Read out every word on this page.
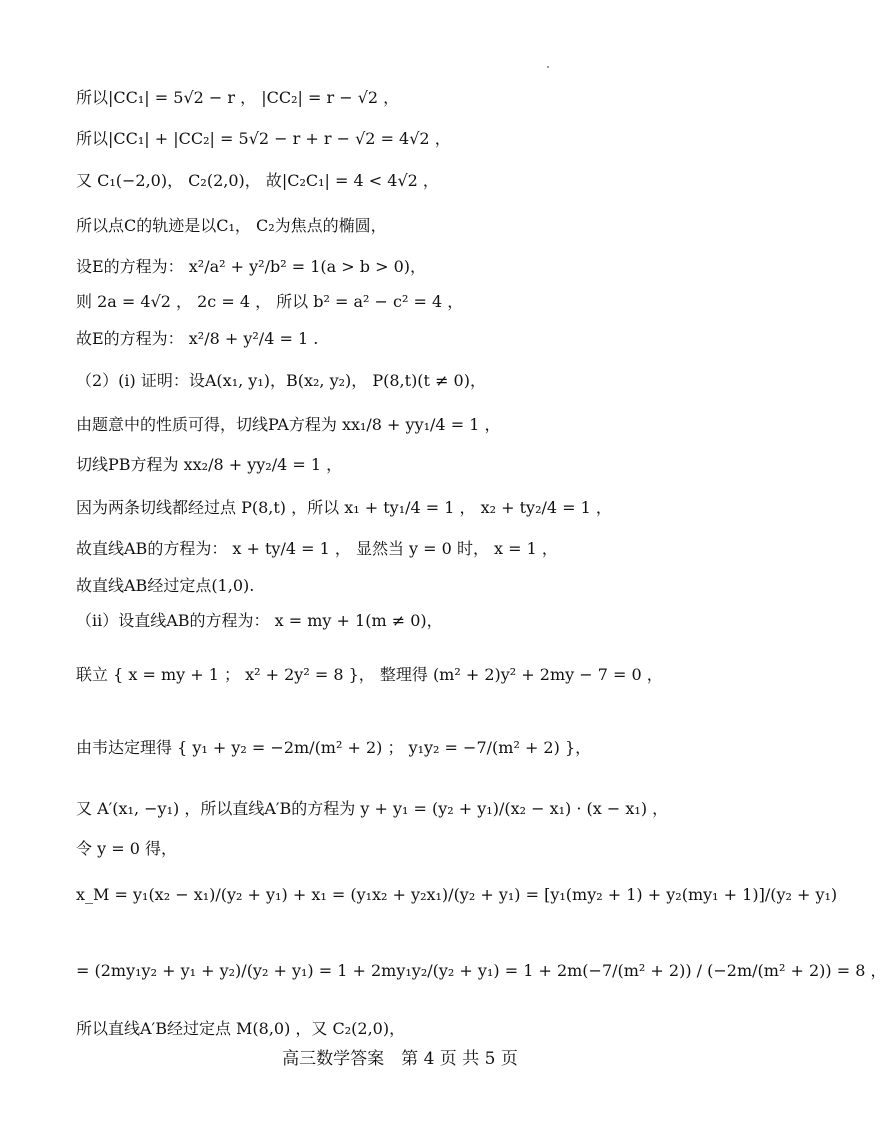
所以|CC₁| = 5√2 − r ， |CC₂| = r − √2 ，
所以|CC₁| + |CC₂| = 5√2 − r + r − √2 = 4√2 ，
又 C₁(−2,0)， C₂(2,0)， 故|C₂C₁| = 4 < 4√2 ，
所以点C的轨迹是以C₁， C₂为焦点的椭圆，
设E的方程为： x²/a² + y²/b² = 1(a > b > 0)，
则 2a = 4√2 ， 2c = 4 ， 所以 b² = a² − c² = 4 ，
故E的方程为： x²/8 + y²/4 = 1 .
（2）(i) 证明：设A(x₁, y₁)，B(x₂, y₂)， P(8,t)(t ≠ 0)，
由题意中的性质可得，切线PA方程为 xx₁/8 + yy₁/4 = 1 ，
切线PB方程为 xx₂/8 + yy₂/4 = 1 ，
因为两条切线都经过点 P(8,t) ，所以 x₁ + ty₁/4 = 1 ， x₂ + ty₂/4 = 1 ，
故直线AB的方程为： x + ty/4 = 1 ， 显然当 y = 0 时， x = 1 ，
故直线AB经过定点(1,0).
（ii）设直线AB的方程为： x = my + 1(m ≠ 0)，
联立 { x = my + 1 ； x² + 2y² = 8 }， 整理得 (m² + 2)y² + 2my − 7 = 0 ，
由韦达定理得 { y₁ + y₂ = −2m/(m² + 2) ； y₁y₂ = −7/(m² + 2) }，
又 A′(x₁, −y₁) ，所以直线A′B的方程为 y + y₁ = (y₂ + y₁)/(x₂ − x₁) · (x − x₁) ，
令 y = 0 得，
x_M = y₁(x₂ − x₁)/(y₂ + y₁) + x₁ = (y₁x₂ + y₂x₁)/(y₂ + y₁) = [y₁(my₂ + 1) + y₂(my₁ + 1)]/(y₂ + y₁)
= (2my₁y₂ + y₁ + y₂)/(y₂ + y₁) = 1 + 2my₁y₂/(y₂ + y₁) = 1 + 2m(−7/(m² + 2)) / (−2m/(m² + 2)) = 8 ，
所以直线A′B经过定点 M(8,0) ，又 C₂(2,0)，
高三数学答案　第 4 页 共 5 页
